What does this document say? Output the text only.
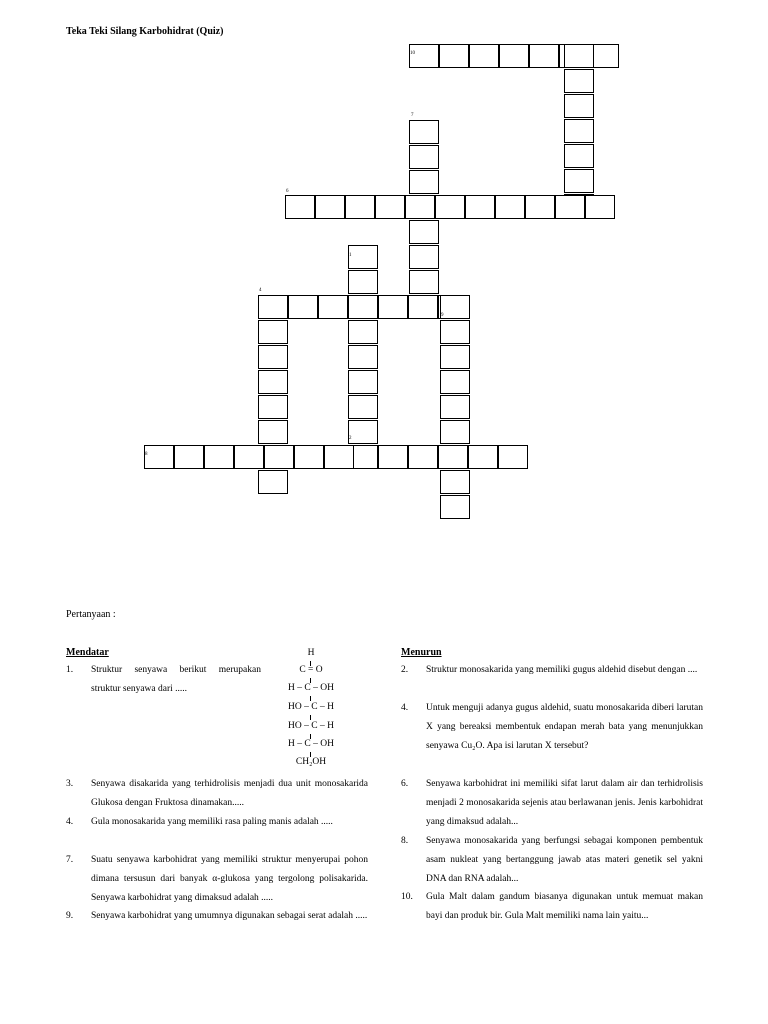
Teka Teki Silang Karbohidrat (Quiz)
10
7
6
1
4
9
8
2
Pertanyaan :
Mendatar	Menurun
1. Struktur senyawa berikut merupakan struktur senyawa dari .....
3. Senyawa disakarida yang terhidrolisis menjadi dua unit monosakarida Glukosa dengan Fruktosa dinamakan.....
4. Gula monosakarida yang memiliki rasa paling manis adalah .....
7. Suatu senyawa karbohidrat yang memiliki struktur menyerupai pohon dimana tersusun dari banyak α-glukosa yang tergolong polisakarida. Senyawa karbohidrat yang dimaksud adalah .....
9. Senyawa karbohidrat yang umumnya digunakan sebagai serat adalah .....
2. Struktur monosakarida yang memiliki gugus aldehid disebut dengan ....
4. Untuk menguji adanya gugus aldehid, suatu monosakarida diberi larutan X yang bereaksi membentuk endapan merah bata yang menunjukkan senyawa Cu₂O. Apa isi larutan X tersebut?
6. Senyawa karbohidrat ini memiliki sifat larut dalam air dan terhidrolisis menjadi 2 monosakarida sejenis atau berlawanan jenis. Jenis karbohidrat yang dimaksud adalah...
8. Senyawa monosakarida yang berfungsi sebagai komponen pembentuk asam nukleat yang bertanggung jawab atas materi genetik sel yakni DNA dan RNA adalah...
10. Gula Malt dalam gandum biasanya digunakan untuk memuat makan bayi dan produk bir. Gula Malt memiliki nama lain yaitu...
H
C = O
H – C – OH
HO – C – H
HO – C – H
H – C – OH
CH₂OH
